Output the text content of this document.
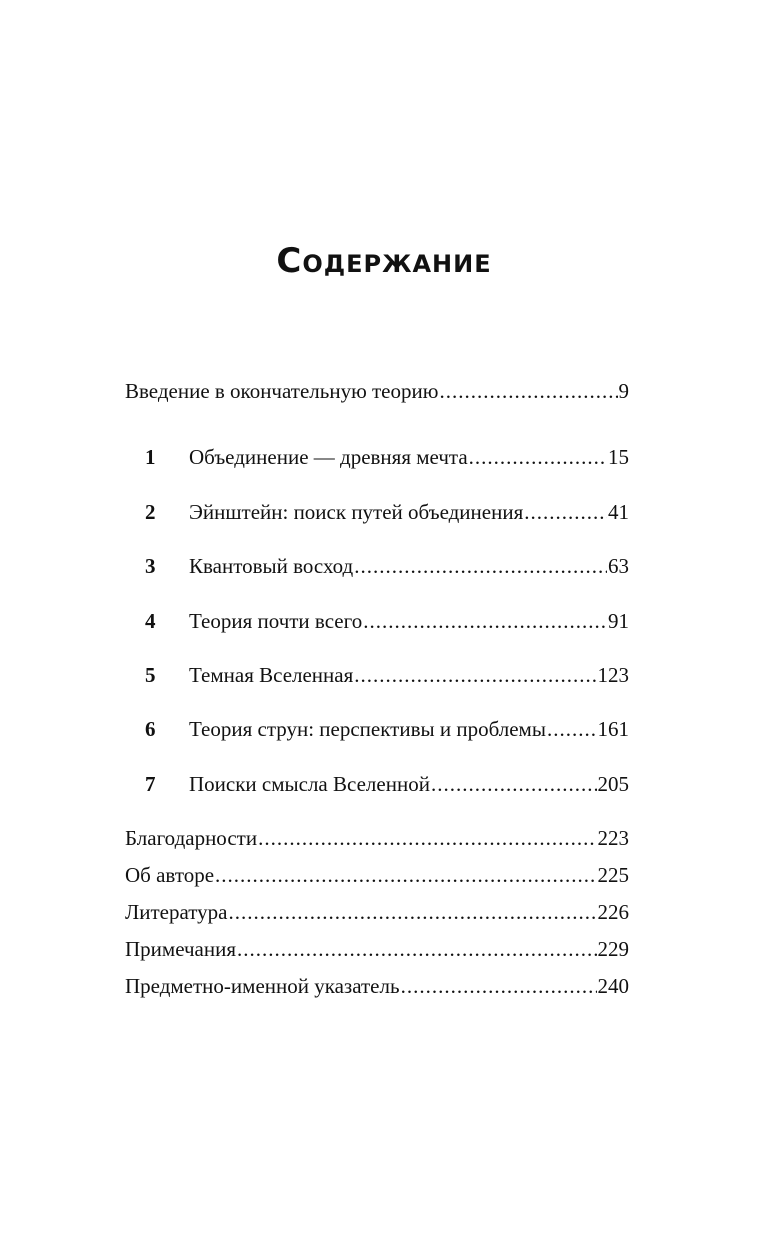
Содержание
Введение в окончательную теорию .....	9
1	Объединение — древняя мечта .....	15
2	Эйнштейн: поиск путей объединения .....	41
3	Квантовый восход .....	63
4	Теория почти всего .....	91
5	Темная Вселенная .....	123
6	Теория струн: перспективы и проблемы ..... 161
7	Поиски смысла Вселенной .....	205
Благодарности .....	223
Об авторе .....	225
Литература .....	226
Примечания .....	229
Предметно-именной указатель .....	240
